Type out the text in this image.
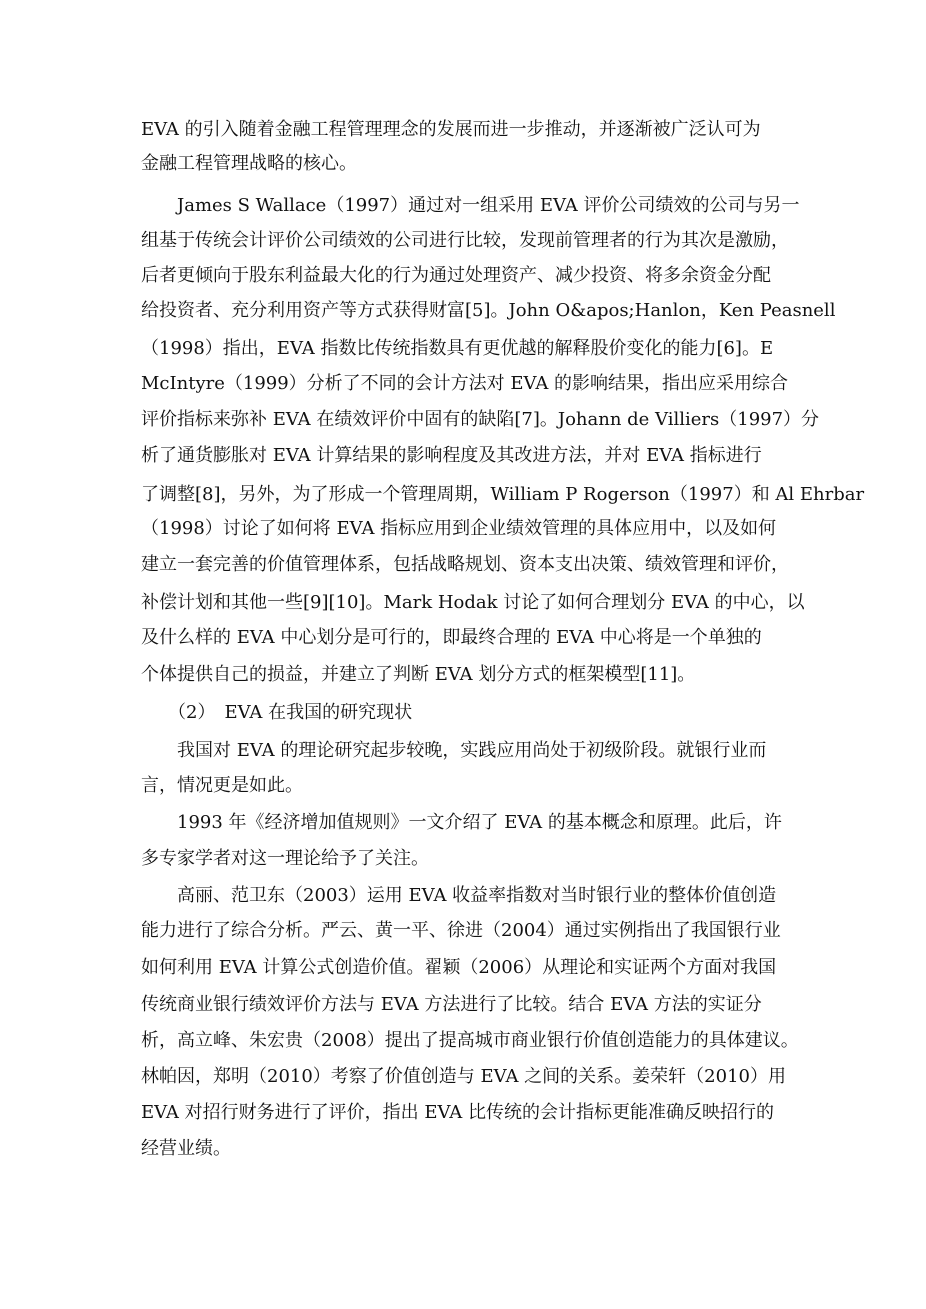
EVA 的引入随着金融工程管理理念的发展而进一步推动，并逐渐被广泛认可为

金融工程管理战略的核心。

　　James S Wallace（1997）通过对一组采用 EVA 评价公司绩效的公司与另一

组基于传统会计评价公司绩效的公司进行比较，发现前管理者的行为其次是激励，

后者更倾向于股东利益最大化的行为通过处理资产、减少投资、将多余资金分配

给投资者、充分利用资产等方式获得财富[5]。John O&apos;Hanlon，Ken Peasnell

（1998）指出，EVA 指数比传统指数具有更优越的解释股价变化的能力[6]。E

McIntyre（1999）分析了不同的会计方法对 EVA 的影响结果，指出应采用综合

评价指标来弥补 EVA 在绩效评价中固有的缺陷[7]。Johann de Villiers（1997）分

析了通货膨胀对 EVA 计算结果的影响程度及其改进方法，并对 EVA 指标进行

了调整[8]，另外，为了形成一个管理周期，William P Rogerson（1997）和 Al Ehrbar

（1998）讨论了如何将 EVA 指标应用到企业绩效管理的具体应用中，以及如何

建立一套完善的价值管理体系，包括战略规划、资本支出决策、绩效管理和评价，

补偿计划和其他一些[9][10]。Mark Hodak 讨论了如何合理划分 EVA 的中心，以

及什么样的 EVA 中心划分是可行的，即最终合理的 EVA 中心将是一个单独的

个体提供自己的损益，并建立了判断 EVA 划分方式的框架模型[11]。

　　（2）　EVA 在我国的研究现状

　　我国对 EVA 的理论研究起步较晚，实践应用尚处于初级阶段。就银行业而

言，情况更是如此。

　　1993 年《经济增加值规则》一文介绍了 EVA 的基本概念和原理。此后，许

多专家学者对这一理论给予了关注。

　　高丽、范卫东（2003）运用 EVA 收益率指数对当时银行业的整体价值创造

能力进行了综合分析。严云、黄一平、徐进（2004）通过实例指出了我国银行业

如何利用 EVA 计算公式创造价值。翟颖（2006）从理论和实证两个方面对我国

传统商业银行绩效评价方法与 EVA 方法进行了比较。结合 EVA 方法的实证分

析，高立峰、朱宏贵（2008）提出了提高城市商业银行价值创造能力的具体建议。

林帕因，郑明（2010）考察了价值创造与 EVA 之间的关系。姜荣轩（2010）用

EVA 对招行财务进行了评价，指出 EVA 比传统的会计指标更能准确反映招行的

经营业绩。
